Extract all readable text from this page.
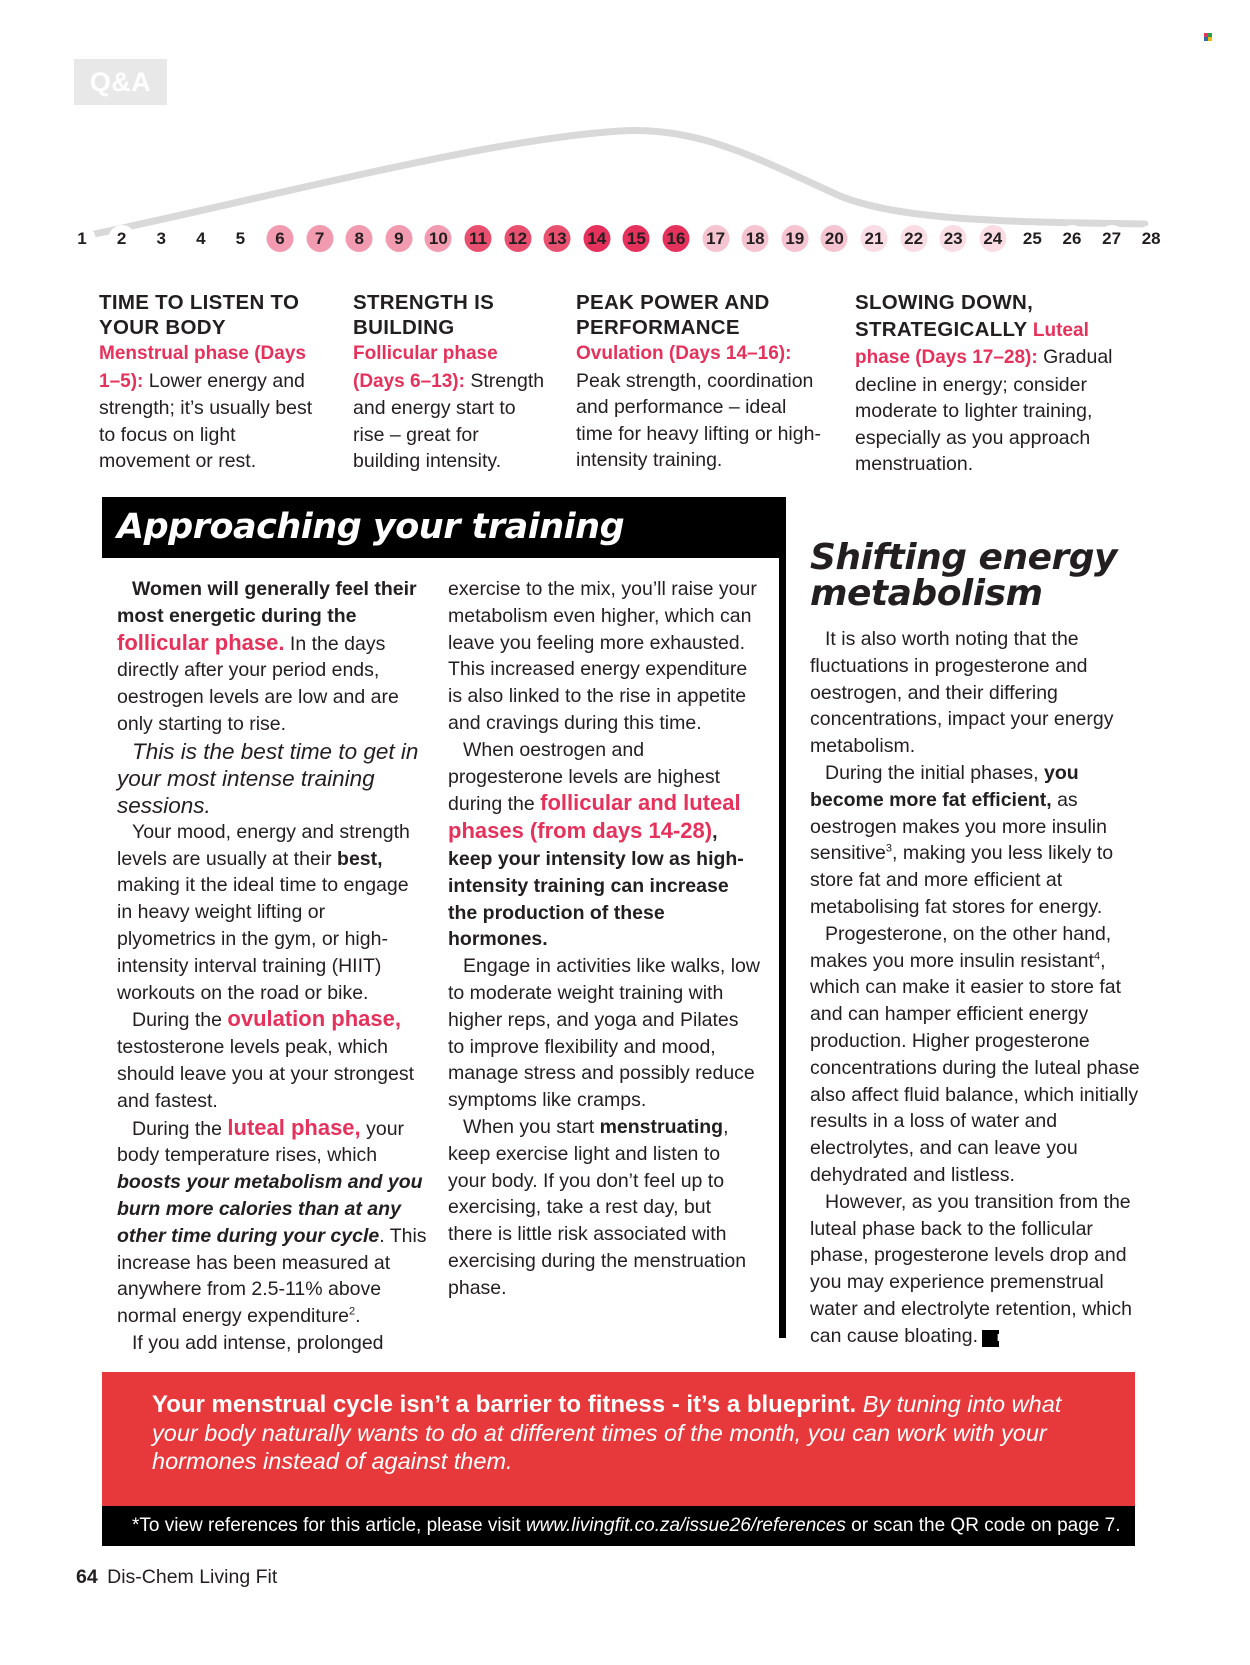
Q&A
1	2	3	4	5	6	7	8	9	10 11 12 13 14 15 16 17 18 19 20 21 22 23 24 25 26 27 28
TIME TO LISTEN TO YOUR BODY
Menstrual phase (Days 1–5): Lower energy and strength; it’s usually best to focus on light movement or rest.
STRENGTH IS BUILDING
Follicular phase (Days 6–13): Strength and energy start to rise – great for building intensity.
PEAK POWER AND PERFORMANCE
Ovulation (Days 14–16): Peak strength, coordination and performance – ideal time for heavy lifting or high-intensity training.
SLOWING DOWN, STRATEGICALLY Luteal phase (Days 17–28): Gradual decline in energy; consider moderate to lighter training, especially as you approach menstruation.
Approaching your training

Women will generally feel their most energetic during the follicular phase. In the days directly after your period ends, oestrogen levels are low and are only starting to rise.

This is the best time to get in your most intense training sessions.

Your mood, energy and strength levels are usually at their best, making it the ideal time to engage in heavy weight lifting or plyometrics in the gym, or high-intensity interval training (HIIT) workouts on the road or bike.

During the ovulation phase, testosterone levels peak, which should leave you at your strongest and fastest.

During the luteal phase, your body temperature rises, which boosts your metabolism and you burn more calories than at any other time during your cycle. This increase has been measured at anywhere from 2.5-11% above normal energy expenditure$^2$.

If you add intense, prolonged

exercise to the mix, you’ll raise your metabolism even higher, which can leave you feeling more exhausted. This increased energy expenditure is also linked to the rise in appetite and cravings during this time.

When oestrogen and progesterone levels are highest during the follicular and luteal phases (from days 14-28), keep your intensity low as high-intensity training can increase the production of these hormones.

Engage in activities like walks, low to moderate weight training with higher reps, and yoga and Pilates to improve flexibility and mood, manage stress and possibly reduce symptoms like cramps.

When you start menstruating, keep exercise light and listen to your body. If you don’t feel up to exercising, take a rest day, but there is little risk associated with exercising during the menstruation phase.

Shifting energy metabolism

It is also worth noting that the fluctuations in progesterone and oestrogen, and their differing concentrations, impact your energy metabolism.

During the initial phases, you become more fat efficient, as oestrogen makes you more insulin sensitive$^3$, making you less likely to store fat and more efficient at metabolising fat stores for energy.

Progesterone, on the other hand, makes you more insulin resistant$^4$, which can make it easier to store fat and can hamper efficient energy production. Higher progesterone concentrations during the luteal phase also affect fluid balance, which initially results in a loss of water and electrolytes, and can leave you dehydrated and listless.

However, as you transition from the luteal phase back to the follicular phase, progesterone levels drop and you may experience premenstrual water and electrolyte retention, which can cause bloating. LF

Your menstrual cycle isn’t a barrier to fitness - it’s a blueprint. By tuning into what your body naturally wants to do at different times of the month, you can work with your hormones instead of against them.
*To view references for this article, please visit www.livingfit.co.za/issue26/references or scan the QR code on page 7.
64 Dis-Chem Living Fit
